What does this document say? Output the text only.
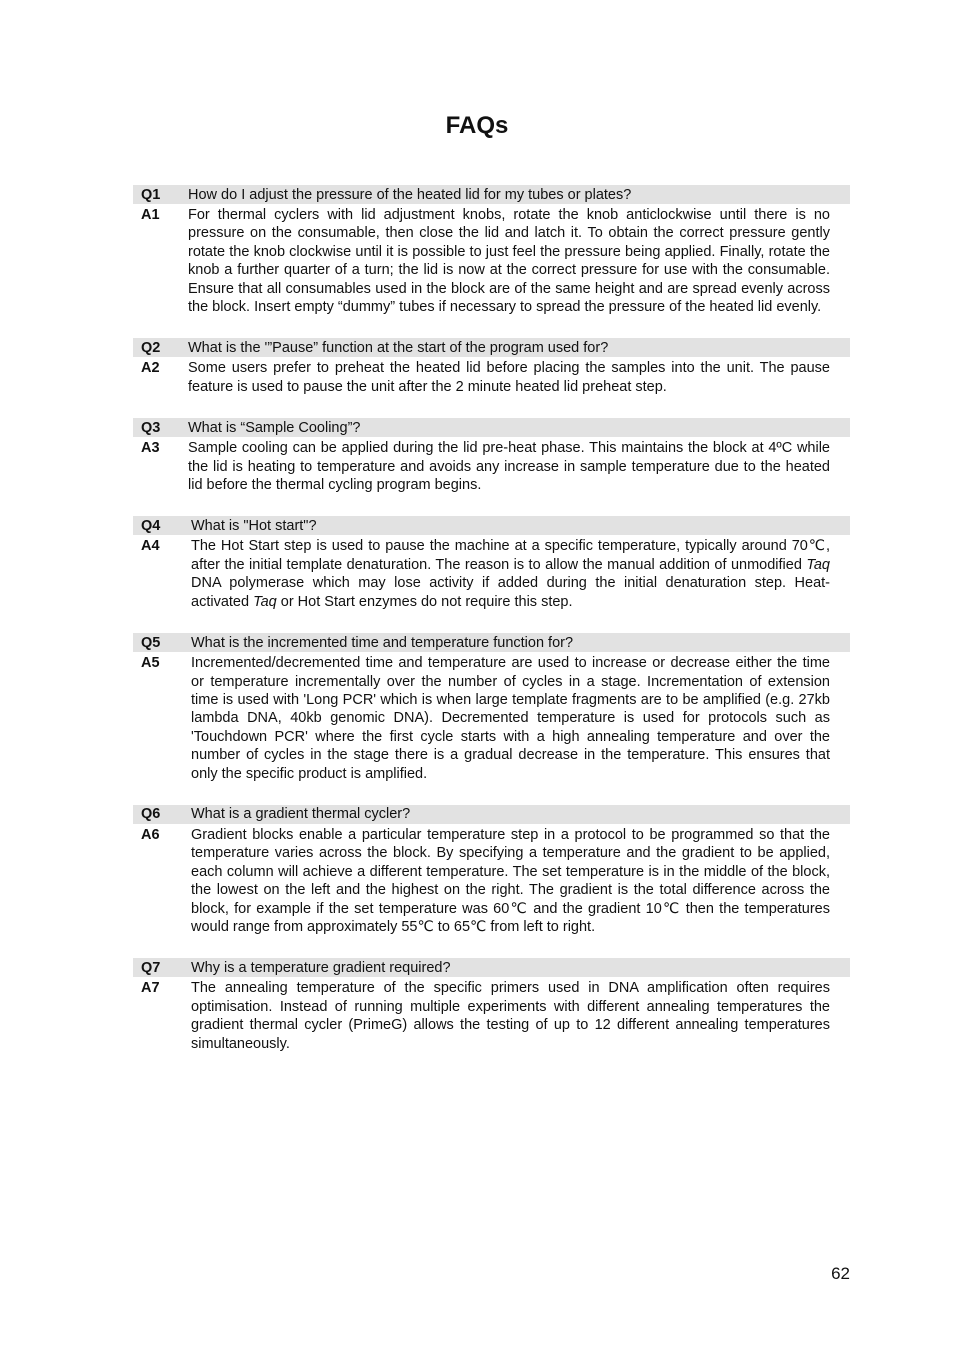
FAQs
Q1	How do I adjust the pressure of the heated lid for my tubes or plates?
A1	For thermal cyclers with lid adjustment knobs, rotate the knob anticlockwise until there is no pressure on the consumable, then close the lid and latch it. To obtain the correct pressure gently rotate the knob clockwise until it is possible to just feel the pressure being applied. Finally, rotate the knob a further quarter of a turn; the lid is now at the correct pressure for use with the consumable. Ensure that all consumables used in the block are of the same height and are spread evenly across the block. Insert empty “dummy” tubes if necessary to spread the pressure of the heated lid evenly.
Q2	What is the '”Pause” function at the start of the program used for?
A2	Some users prefer to preheat the heated lid before placing the samples into the unit. The pause feature is used to pause the unit after the 2 minute heated lid preheat step.
Q3	What is “Sample Cooling”?
A3	Sample cooling can be applied during the lid pre-heat phase. This maintains the block at 4ºC while the lid is heating to temperature and avoids any increase in sample temperature due to the heated lid before the thermal cycling program begins.
Q4	What is "Hot start"?
A4	The Hot Start step is used to pause the machine at a specific temperature, typically around 70℃, after the initial template denaturation. The reason is to allow the manual addition of unmodified Taq DNA polymerase which may lose activity if added during the initial denaturation step. Heat-activated Taq or Hot Start enzymes do not require this step.
Q5	What is the incremented time and temperature function for?
A5	Incremented/decremented time and temperature are used to increase or decrease either the time or temperature incrementally over the number of cycles in a stage. Incrementation of extension time is used with 'Long PCR' which is when large template fragments are to be amplified (e.g. 27kb lambda DNA, 40kb genomic DNA). Decremented temperature is used for protocols such as 'Touchdown PCR' where the first cycle starts with a high annealing temperature and over the number of cycles in the stage there is a gradual decrease in the temperature. This ensures that only the specific product is amplified.
Q6	What is a gradient thermal cycler?
A6	Gradient blocks enable a particular temperature step in a protocol to be programmed so that the temperature varies across the block. By specifying a temperature and the gradient to be applied, each column will achieve a different temperature. The set temperature is in the middle of the block, the lowest on the left and the highest on the right. The gradient is the total difference across the block, for example if the set temperature was 60℃ and the gradient 10℃ then the temperatures would range from approximately 55℃ to 65℃ from left to right.
Q7	Why is a temperature gradient required?
A7	The annealing temperature of the specific primers used in DNA amplification often requires optimisation. Instead of running multiple experiments with different annealing temperatures the gradient thermal cycler (PrimeG) allows the testing of up to 12 different annealing temperatures simultaneously.
62
